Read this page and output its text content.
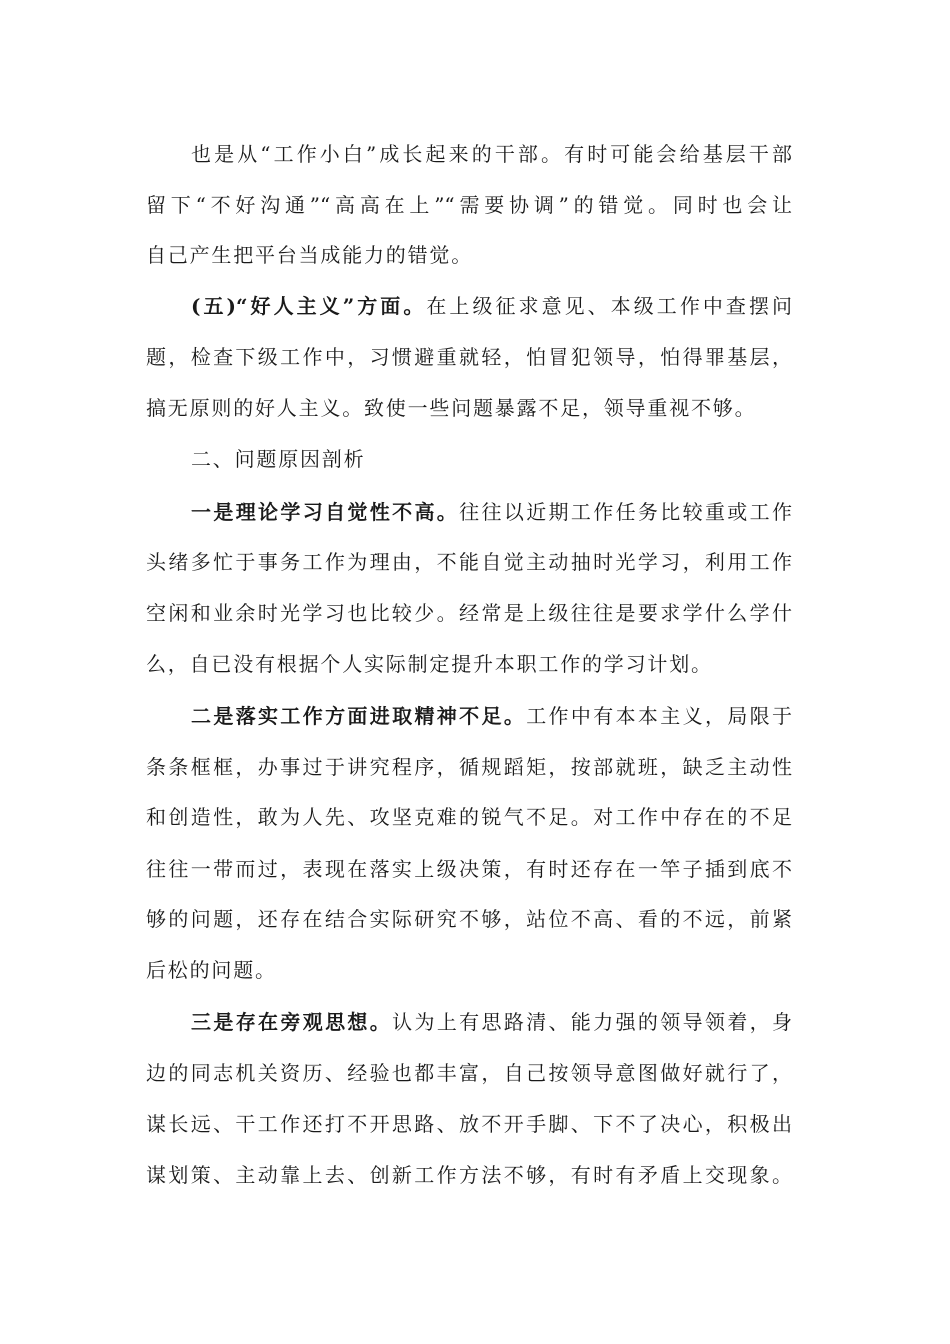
也是从“工作小白”成长起来的干部。有时可能会给基层干部
留下“不好沟通”“高高在上”“需要协调”的错觉。同时也会让
自己产生把平台当成能力的错觉。
(五)“好人主义”方面。在上级征求意见、本级工作中查摆问
题，检查下级工作中，习惯避重就轻，怕冒犯领导，怕得罪基层，
搞无原则的好人主义。致使一些问题暴露不足，领导重视不够。
二、问题原因剖析
一是理论学习自觉性不高。往往以近期工作任务比较重或工作
头绪多忙于事务工作为理由，不能自觉主动抽时光学习，利用工作
空闲和业余时光学习也比较少。经常是上级往往是要求学什么学什
么，自已没有根据个人实际制定提升本职工作的学习计划。
二是落实工作方面进取精神不足。工作中有本本主义，局限于
条条框框，办事过于讲究程序，循规蹈矩，按部就班，缺乏主动性
和创造性，敢为人先、攻坚克难的锐气不足。对工作中存在的不足
往往一带而过，表现在落实上级决策，有时还存在一竿子插到底不
够的问题，还存在结合实际研究不够，站位不高、看的不远，前紧
后松的问题。
三是存在旁观思想。认为上有思路清、能力强的领导领着，身
边的同志机关资历、经验也都丰富，自己按领导意图做好就行了，
谋长远、干工作还打不开思路、放不开手脚、下不了决心，积极出
谋划策、主动靠上去、创新工作方法不够，有时有矛盾上交现象。
